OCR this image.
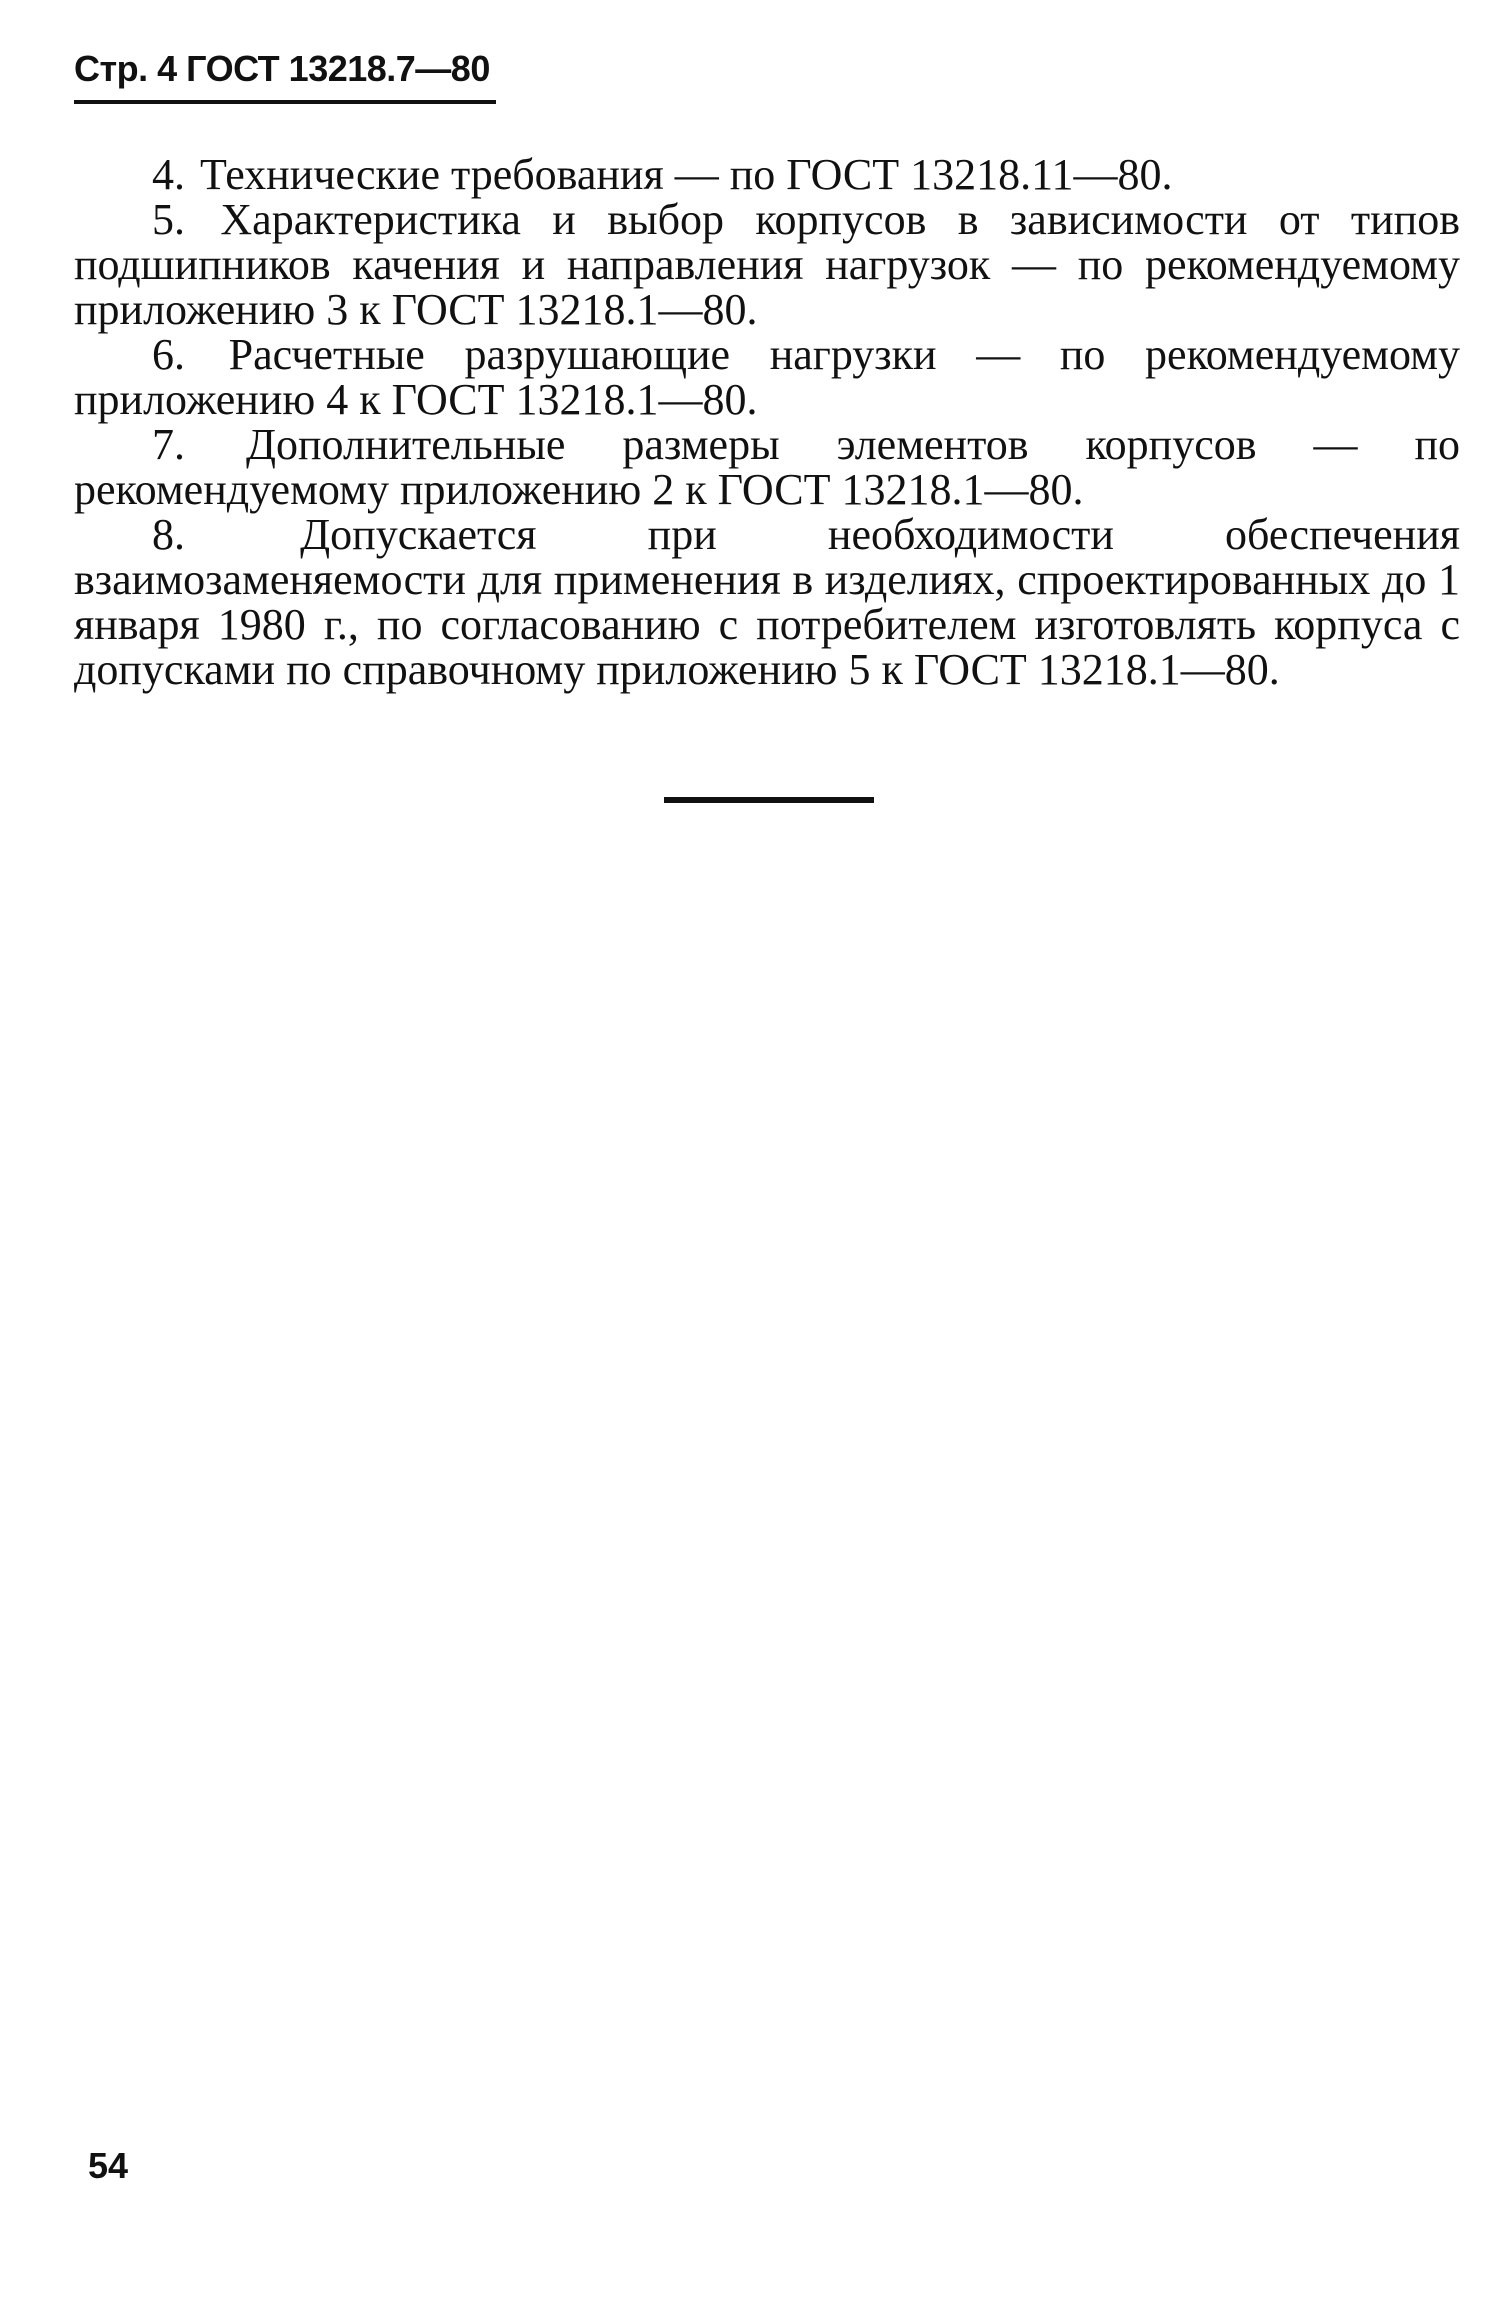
Стр. 4 ГОСТ 13218.7—80

4. Технические требования — по ГОСТ 13218.11—80.

5. Характеристика и выбор корпусов в зависимости от типов подшипников качения и направления нагрузок — по рекомендуемому приложению 3 к ГОСТ 13218.1—80.

6. Расчетные разрушающие нагрузки — по рекомендуемому приложению 4 к ГОСТ 13218.1—80.

7. Дополнительные размеры элементов корпусов — по рекомендуемому приложению 2 к ГОСТ 13218.1—80.

8.	Допускается при необходимости обеспечения взаимозаменяемости для применения в изделиях, спроектированных до 1 января 1980 г., по согласованию с потребителем изготовлять корпуса с допусками по справочному приложению 5 к ГОСТ 13218.1—80.

54
